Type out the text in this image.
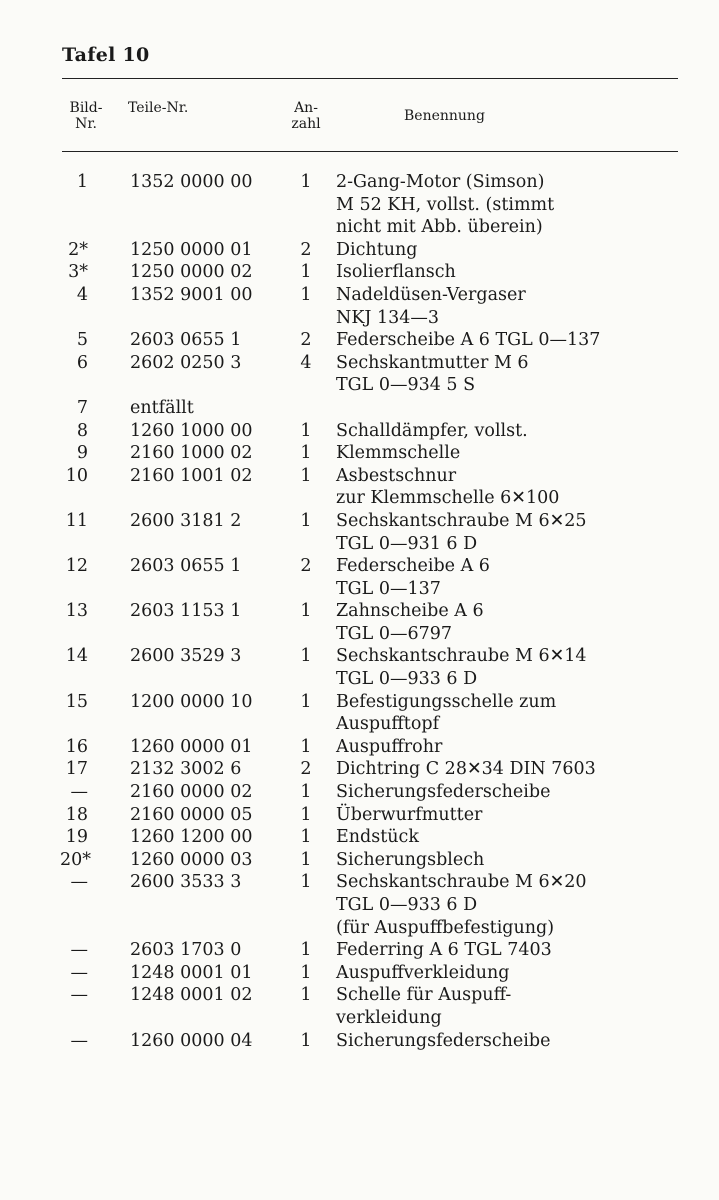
Tafel 10
Bild-
Nr.
Teile-Nr.	An-
zahl	Benennung
1 1352 0000 00	1 2-Gang-Motor (Simson)
M 52 KH, vollst. (stimmt
nicht mit Abb. überein)
2* 1250 0000 01	2 Dichtung
3* 1250 0000 02	1 Isolierflansch
4 1352 9001 00	1 Nadeldüsen-Vergaser
NKJ 134—3
5 2603 0655 1	2 Federscheibe A 6 TGL 0—137
6 2602 0250 3	4 Sechskantmutter M 6
TGL 0—934 5 S
7 entfällt
8 1260 1000 00	1 Schalldämpfer, vollst.
9 2160 1000 02	1 Klemmschelle
10 2160 1001 02	1 Asbestschnur
zur Klemmschelle 6✕100
11 2600 3181 2	1 Sechskantschraube M 6✕25
TGL 0—931 6 D
12 2603 0655 1	2 Federscheibe A 6
TGL 0—137
13 2603 1153 1	1 Zahnscheibe A 6
TGL 0—6797
14 2600 3529 3	1 Sechskantschraube M 6✕14
TGL 0—933 6 D
15 1200 0000 10	1 Befestigungsschelle zum
Auspufftopf
16 1260 0000 01	1 Auspuffrohr
17 2132 3002 6	2 Dichtring C 28✕34 DIN 7603
— 2160 0000 02	1 Sicherungsfederscheibe
18 2160 0000 05	1 Überwurfmutter
19 1260 1200 00	1 Endstück
20* 1260 0000 03	1 Sicherungsblech
— 2600 3533 3	1 Sechskantschraube M 6✕20
TGL 0—933 6 D
(für Auspuffbefestigung)
— 2603 1703 0	1 Federring A 6 TGL 7403
— 1248 0001 01	1 Auspuffverkleidung
— 1248 0001 02	1 Schelle für Auspuff-
verkleidung
— 1260 0000 04	1 Sicherungsfederscheibe
